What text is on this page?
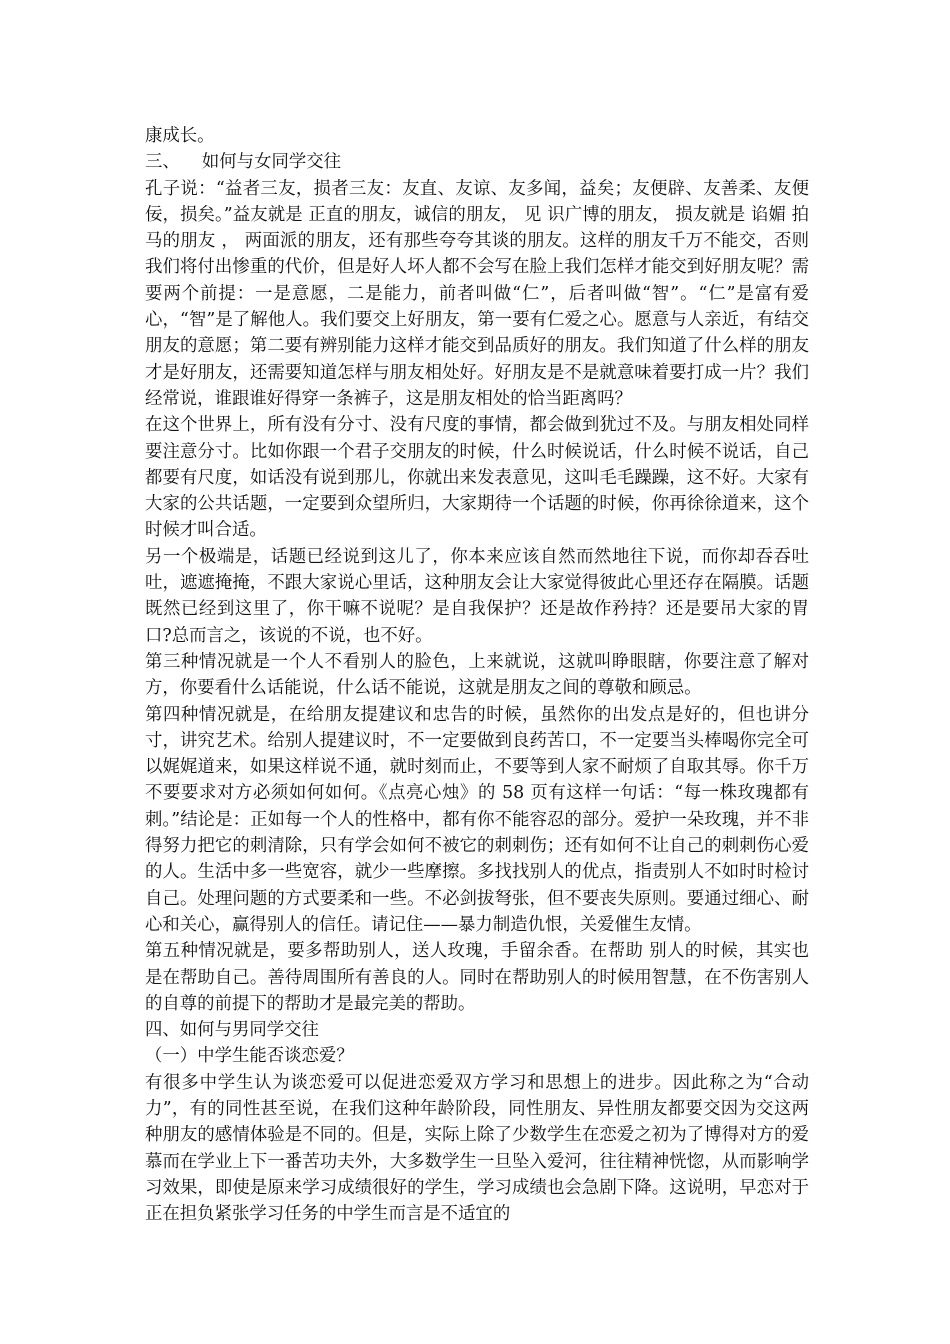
康成长。

三、    如何与女同学交往

孔子说：“益者三友，损者三友：友直、友谅、友多闻，益矣；友便辟、友善柔、友便佞，损矣。”益友就是 正直的朋友，诚信的朋友， 见 识广博的朋友， 损友就是 谄媚 拍马的朋友 ， 两面派的朋友，还有那些夸夸其谈的朋友。这样的朋友千万不能交，否则我们将付出惨重的代价，但是好人坏人都不会写在脸上我们怎样才能交到好朋友呢？需要两个前提：一是意愿，二是能力，前者叫做“仁”，后者叫做“智”。“仁”是富有爱心，“智”是了解他人。我们要交上好朋友，第一要有仁爱之心。愿意与人亲近，有结交朋友的意愿；第二要有辨别能力这样才能交到品质好的朋友。我们知道了什么样的朋友才是好朋友，还需要知道怎样与朋友相处好。好朋友是不是就意味着要打成一片？我们经常说，谁跟谁好得穿一条裤子，这是朋友相处的恰当距离吗？

在这个世界上，所有没有分寸、没有尺度的事情，都会做到犹过不及。与朋友相处同样要注意分寸。比如你跟一个君子交朋友的时候，什么时候说话，什么时候不说话，自己都要有尺度，如话没有说到那儿，你就出来发表意见，这叫毛毛躁躁，这不好。大家有大家的公共话题，一定要到众望所归，大家期待一个话题的时候，你再徐徐道来，这个时候才叫合适。

另一个极端是，话题已经说到这儿了，你本来应该自然而然地往下说，而你却吞吞吐吐，遮遮掩掩，不跟大家说心里话，这种朋友会让大家觉得彼此心里还存在隔膜。话题既然已经到这里了，你干嘛不说呢？是自我保护？还是故作矜持？还是要吊大家的胃口?总而言之，该说的不说，也不好。

第三种情况就是一个人不看别人的脸色，上来就说，这就叫睁眼瞎，你要注意了解对方，你要看什么话能说，什么话不能说，这就是朋友之间的尊敬和顾忌。

第四种情况就是，在给朋友提建议和忠告的时候，虽然你的出发点是好的，但也讲分寸，讲究艺术。给别人提建议时，不一定要做到良药苦口，不一定要当头棒喝你完全可以娓娓道来，如果这样说不通，就时刻而止，不要等到人家不耐烦了自取其辱。你千万不要要求对方必须如何如何。《点亮心烛》的 58 页有这样一句话：“每一株玫瑰都有刺。”结论是：正如每一个人的性格中，都有你不能容忍的部分。爱护一朵玫瑰，并不非得努力把它的刺清除，只有学会如何不被它的刺刺伤；还有如何不让自己的刺刺伤心爱的人。生活中多一些宽容，就少一些摩擦。多找找别人的优点，指责别人不如时时检讨自己。处理问题的方式要柔和一些。不必剑拔弩张，但不要丧失原则。要通过细心、耐心和关心，赢得别人的信任。请记住——暴力制造仇恨，关爱催生友情。

第五种情况就是，要多帮助别人，送人玫瑰，手留余香。在帮助 别人的时候，其实也是在帮助自己。善待周围所有善良的人。同时在帮助别人的时候用智慧，在不伤害别人的自尊的前提下的帮助才是最完美的帮助。

四、如何与男同学交往

（一）中学生能否谈恋爱？

有很多中学生认为谈恋爱可以促进恋爱双方学习和思想上的进步。因此称之为“合动力”，有的同性甚至说，在我们这种年龄阶段，同性朋友、异性朋友都要交因为交这两种朋友的感情体验是不同的。但是，实际上除了少数学生在恋爱之初为了博得对方的爱慕而在学业上下一番苦功夫外，大多数学生一旦坠入爱河，往往精神恍惚，从而影响学习效果，即使是原来学习成绩很好的学生，学习成绩也会急剧下降。这说明，早恋对于正在担负紧张学习任务的中学生而言是不适宜的
